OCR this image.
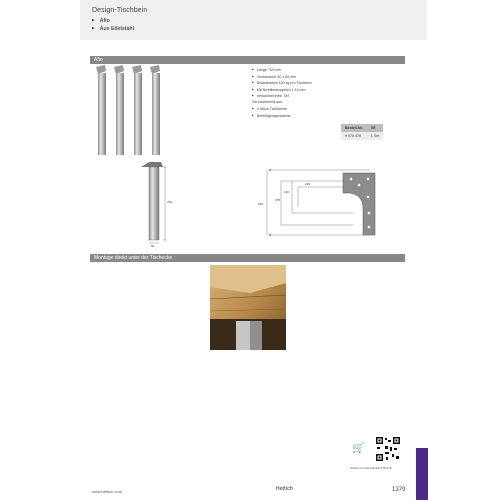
Design-Tischbein
▶ Afio
▶ Aus Edelstahl
Afio
▶ Länge 700 mm
▶ Vierkantrohr 60 x 60 mm
▶ Belastbarkeit 150 kg pro Tischbein
▶ Mit Nivellierausgleich ± 10 mm
▶ Verkaufseinheit: Set
Set bestehend aus:
▶ 4 Stück Tischbeine
▶ Befestigungsmaterial
Bestell-Nr.	VE
9 078 478	1 Set
700
60
230
375
120
220
Montage direkt unter der Tischecke
🛒
hettich.com/shortlink/9 078 478
www.hettich.com	Hettich	1379
